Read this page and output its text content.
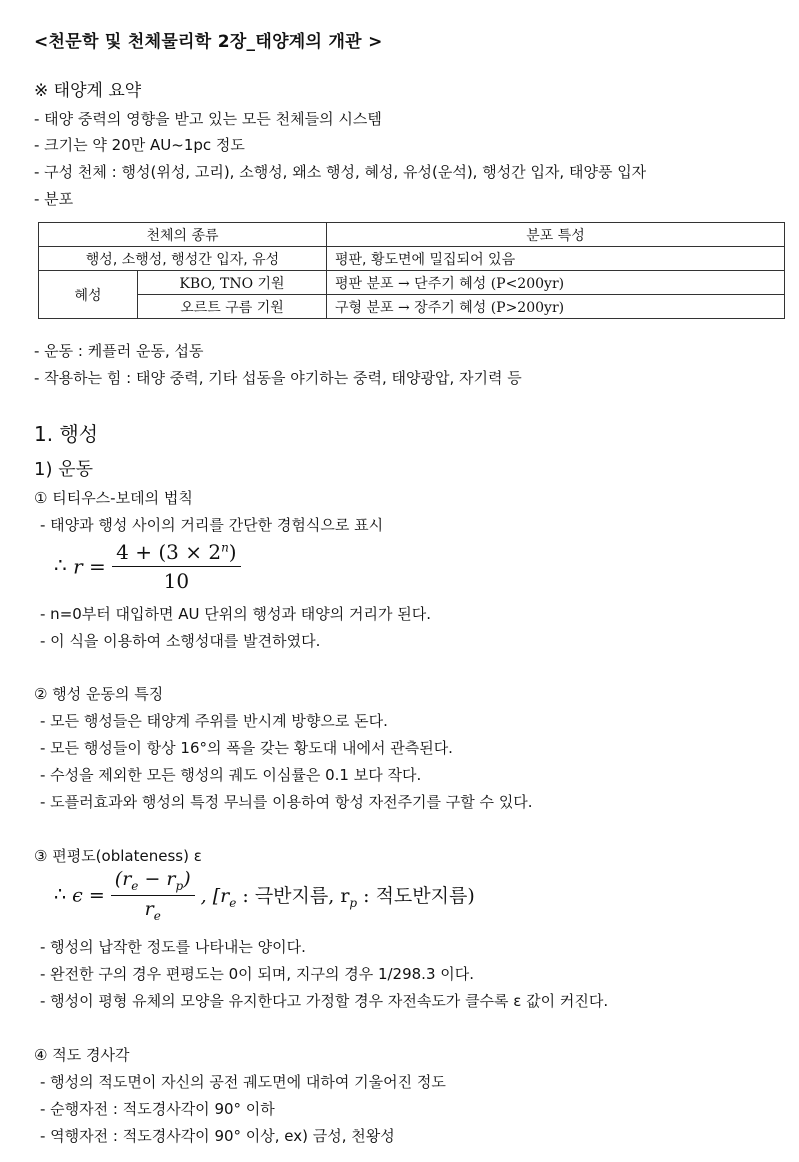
<천문학 및 천체물리학 2장_태양계의 개관 >
※ 태양계 요약
- 태양 중력의 영향을 받고 있는 모든 천체들의 시스템
- 크기는 약 20만 AU~1pc 정도
- 구성 천체 : 행성(위성, 고리), 소행성, 왜소 행성, 혜성, 유성(운석), 행성간 입자, 태양풍 입자
- 분포
천체의 종류		분포 특성
행성, 소행성, 행성간 입자, 유성		평판, 황도면에 밀집되어 있음
혜성	KBO, TNO 기원	평판 분포 → 단주기 혜성 (P<200yr)
	오르트 구름 기원	구형 분포 → 장주기 혜성 (P>200yr)
- 운동 : 케플러 운동, 섭동
- 작용하는 힘 : 태양 중력, 기타 섭동을 야기하는 중력, 태양광압, 자기력 등
1. 행성
1) 운동
① 티티우스-보데의 법칙
- 태양과 행성 사이의 거리를 간단한 경험식으로 표시
∴ $r = \frac{4 + (3 \times 2^n)}{10}$
- n=0부터 대입하면 AU 단위의 행성과 태양의 거리가 된다.
- 이 식을 이용하여 소행성대를 발견하였다.
② 행성 운동의 특징
- 모든 행성들은 태양계 주위를 반시계 방향으로 돈다.
- 모든 행성들이 항상 16°의 폭을 갖는 황도대 내에서 관측된다.
- 수성을 제외한 모든 행성의 궤도 이심률은 0.1 보다 작다.
- 도플러효과와 행성의 특정 무늬를 이용하여 항성 자전주기를 구할 수 있다.
③ 편평도(oblateness) ε
∴ $\epsilon = \frac{(r_e - r_p)}{r_e}$ , [$r_e$ : 극반지름, $r_p$ : 적도반지름)
- 행성의 납작한 정도를 나타내는 양이다.
- 완전한 구의 경우 편평도는 0이 되며, 지구의 경우 1/298.3 이다.
- 행성이 평형 유체의 모양을 유지한다고 가정할 경우 자전속도가 클수록 ε 값이 커진다.
④ 적도 경사각
- 행성의 적도면이 자신의 공전 궤도면에 대하여 기울어진 정도
- 순행자전 : 적도경사각이 90° 이하
- 역행자전 : 적도경사각이 90° 이상, ex) 금성, 천왕성
